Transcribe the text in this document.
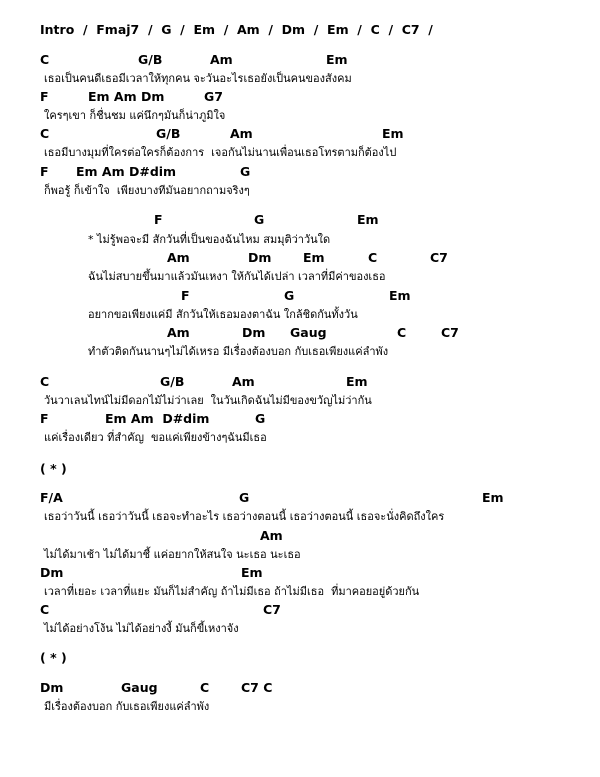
Intro

/  Fmaj7  /  G  /  Em  /  Am  /  Dm  /  Em  /  C  /  C7  /

C

	G/B

	Am

	Em

เธอเป็นคนดีเธอมีเวลาให้ทุกคน จะวันอะไรเธอยังเป็นคนของสังคม

F

	Em Am Dm

	G7

ใครๆเขา ก็ชื่นชม แค่นึกๆมันก็น่าภูมิใจ

C

	G/B

	Am

	Em

เธอมีบางมุมที่ใครต่อใครก็ต้องการ  เจอกันไม่นานเพื่อนเธอโทรตามก็ต้องไป

F

Em Am D#dim

	G

ก็พอรู้ ก็เข้าใจ  เพียงบางทีมันอยากถามจริงๆ

F

	G

	Em

* ไม่รู้พอจะมี สักวันที่เป็นของฉันไหม สมมุติว่าวันใด

Am

	Dm

	Em

	C

	C7

ฉันไม่สบายขึ้นมาแล้วมันเหงา ให้กันได้เปล่า เวลาที่มีค่าของเธอ

F

	G

	Em

อยากขอเพียงแค่มี สักวันให้เธอมองตาฉัน ใกล้ชิดกันทั้งวัน

Am

	Dm

Gaug

	C

	C7

ทำตัวติดกันนานๆไม่ได้เหรอ มีเรื่องต้องบอก กับเธอเพียงแค่ลำพัง

C

	G/B

	Am

	Em

วันวาเลนไทน์ไม่มีดอกไม้ไม่ว่าเลย  ในวันเกิดฉันไม่มีของขวัญไม่ว่ากัน

F

	Em Am  D#dim

	G

แค่เรื่องเดียว ที่สำคัญ  ขอแค่เพียงข้างๆฉันมีเธอ

( * )

F/A

	G

	Em

เธอว่าวันนี้ เธอว่าวันนี้ เธอจะทำอะไร เธอว่างตอนนี้ เธอว่างตอนนี้ เธอจะนั่งคิดถึงใคร

Am

ไม่ได้มาเช้า ไม่ได้มาชี้ แค่อยากให้สนใจ นะเธอ นะเธอ

Dm

	Em

เวลาที่เยอะ เวลาที่แยะ มันก็ไม่สำคัญ ถ้าไม่มีเธอ ถ้าไม่มีเธอ  ที่มาคอยอยู่ด้วยกัน

C

	C7

ไม่ได้อย่างโง้น ไม่ได้อย่างงี้ มันก็ขี้เหงาจัง

( * )

Dm

	Gaug

	C

	C7 C

มีเรื่องต้องบอก กับเธอเพียงแค่ลำพัง
